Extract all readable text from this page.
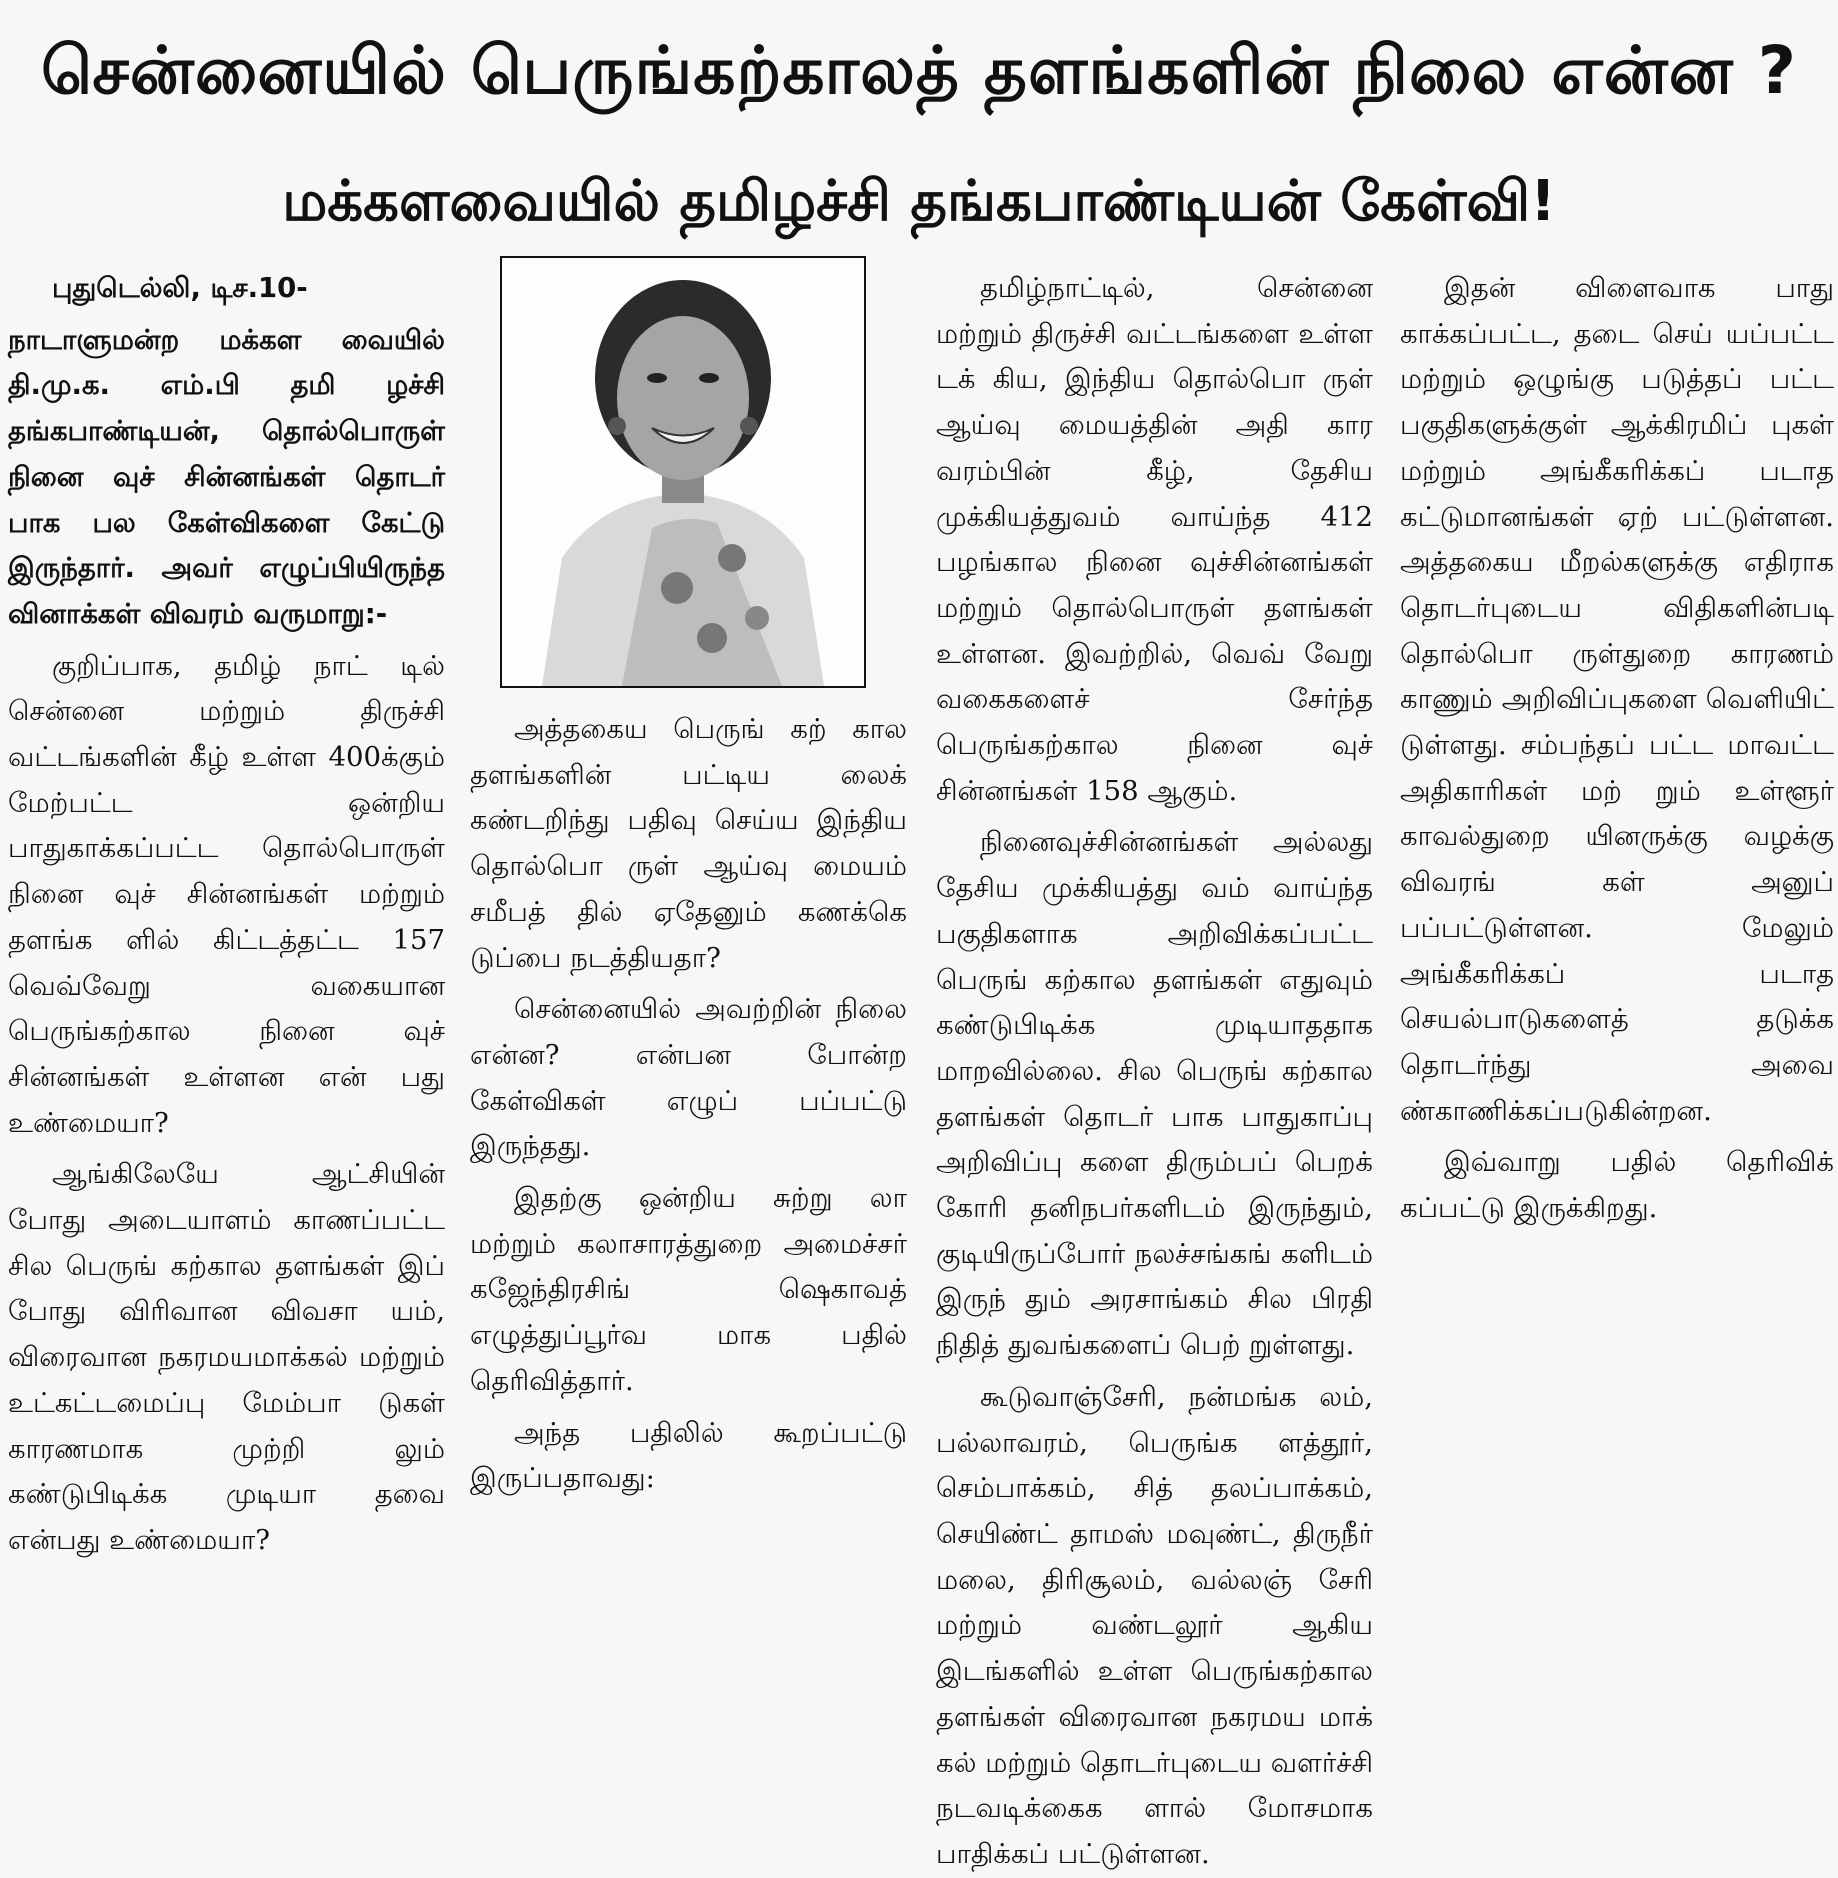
சென்னையில் பெருங்கற்காலத் தளங்களின் நிலை என்ன ?
மக்களவையில் தமிழச்சி தங்கபாண்டியன் கேள்வி!

புதுடெல்லி, டிச.10-

நாடாளுமன்ற மக்கள வையில் தி.மு.க. எம்.பி தமி ழச்சி தங்கபாண்டியன், தொல்பொருள் நினை வுச் சின்னங்கள் தொடர் பாக பல கேள்விகளை கேட்டு இருந்தார். அவர் எழுப்பியிருந்த வினாக்கள் விவரம் வருமாறு:-

குறிப்பாக, தமிழ் நாட் டில் சென்னை மற்றும் திருச்சி வட்டங்களின் கீழ் உள்ள 400க்கும் மேற்பட்ட ஒன்றிய பாதுகாக்கப்பட்ட தொல்பொருள் நினை வுச் சின்னங்கள் மற்றும் தளங்க ளில் கிட்டத்தட்ட 157 வெவ்வேறு வகையான பெருங்கற்கால நினை வுச் சின்னங்கள் உள்ளன என் பது உண்மையா?

ஆங்கிலேயே ஆட்சியின் போது அடையாளம் காணப்பட்ட சில பெருங் கற்கால தளங்கள் இப் போது விரிவான விவசா யம், விரைவான நகரமயமாக்கல் மற்றும் உட்கட்டமைப்பு மேம்பா டுகள் காரணமாக முற்றி லும் கண்டுபிடிக்க முடியா தவை என்பது உண்மையா?

அத்தகைய பெருங் கற் கால தளங்களின் பட்டிய லைக் கண்டறிந்து பதிவு செய்ய இந்திய தொல்பொ ருள் ஆய்வு மையம் சமீபத் தில் ஏதேனும் கணக்கெ டுப்பை நடத்தியதா?

சென்னையில் அவற்றின் நிலை என்ன? என்பன போன்ற கேள்விகள் எழுப் பப்பட்டு இருந்தது.

இதற்கு ஒன்றிய சுற்று லா மற்றும் கலாசாரத்துறை அமைச்சர் கஜேந்திரசிங் ஷெகாவத் எழுத்துப்பூர்வ மாக பதில் தெரிவித்தார்.

அந்த பதிலில் கூறப்பட்டு இருப்பதாவது:

தமிழ்நாட்டில், சென்னை மற்றும் திருச்சி வட்டங்களை உள்ள டக் கிய, இந்திய தொல்பொ ருள் ஆய்வு மையத்தின் அதி கார வரம்பின் கீழ், தேசிய முக்கியத்துவம் வாய்ந்த 412 பழங்கால நினை வுச்சின்னங்கள் மற்றும் தொல்பொருள் தளங்கள் உள்ளன. இவற்றில், வெவ் வேறு வகைகளைச் சேர்ந்த பெருங்கற்கால நினை வுச் சின்னங்கள் 158 ஆகும்.

நினைவுச்சின்னங்கள் அல்லது தேசிய முக்கியத்து வம் வாய்ந்த பகுதிகளாக அறிவிக்கப்பட்ட பெருங் கற்கால தளங்கள் எதுவும் கண்டுபிடிக்க முடியாததாக மாறவில்லை. சில பெருங் கற்கால தளங்கள் தொடர் பாக பாதுகாப்பு அறிவிப்பு களை திரும்பப் பெறக் கோரி தனிநபர்களிடம் இருந்தும், குடியிருப்போர் நலச்சங்கங் களிடம் இருந் தும் அரசாங்கம் சில பிரதி நிதித் துவங்களைப் பெற் றுள்ளது.

கூடுவாஞ்சேரி, நன்மங்க லம், பல்லாவரம், பெருங்க ளத்தூர், செம்பாக்கம், சித் தலப்பாக்கம், செயிண்ட் தாமஸ் மவுண்ட், திருநீர் மலை, திரிசூலம், வல்லஞ் சேரி மற்றும் வண்டலூர் ஆகிய இடங்களில் உள்ள பெருங்கற்கால தளங்கள் விரைவான நகரமய மாக் கல் மற்றும் தொடர்புடைய வளர்ச்சி நடவடிக்கைக ளால் மோசமாக பாதிக்கப் பட்டுள்ளன.

இதன் விளைவாக பாது காக்கப்பட்ட, தடை செய் யப்பட்ட மற்றும் ஒழுங்கு படுத்தப் பட்ட பகுதிகளுக்குள் ஆக்கிரமிப் புகள் மற்றும் அங்கீகரிக்கப் படாத கட்டுமானங்கள் ஏற் பட்டுள்ளன. அத்தகைய மீறல்களுக்கு எதிராக தொடர்புடைய விதிகளின்படி தொல்பொ ருள்துறை காரணம் காணும் அறிவிப்புகளை வெளியிட் டுள்ளது. சம்பந்தப் பட்ட மாவட்ட அதிகாரிகள் மற் றும் உள்ளூர் காவல்துறை யினருக்கு வழக்கு விவரங் கள் அனுப் பப்பட்டுள்ளன. மேலும் அங்கீகரிக்கப் படாத செயல்பாடுகளைத் தடுக்க தொடர்ந்து அவை ண்காணிக்கப்படுகின்றன.

இவ்வாறு பதில் தெரிவிக் கப்பட்டு இருக்கிறது.
